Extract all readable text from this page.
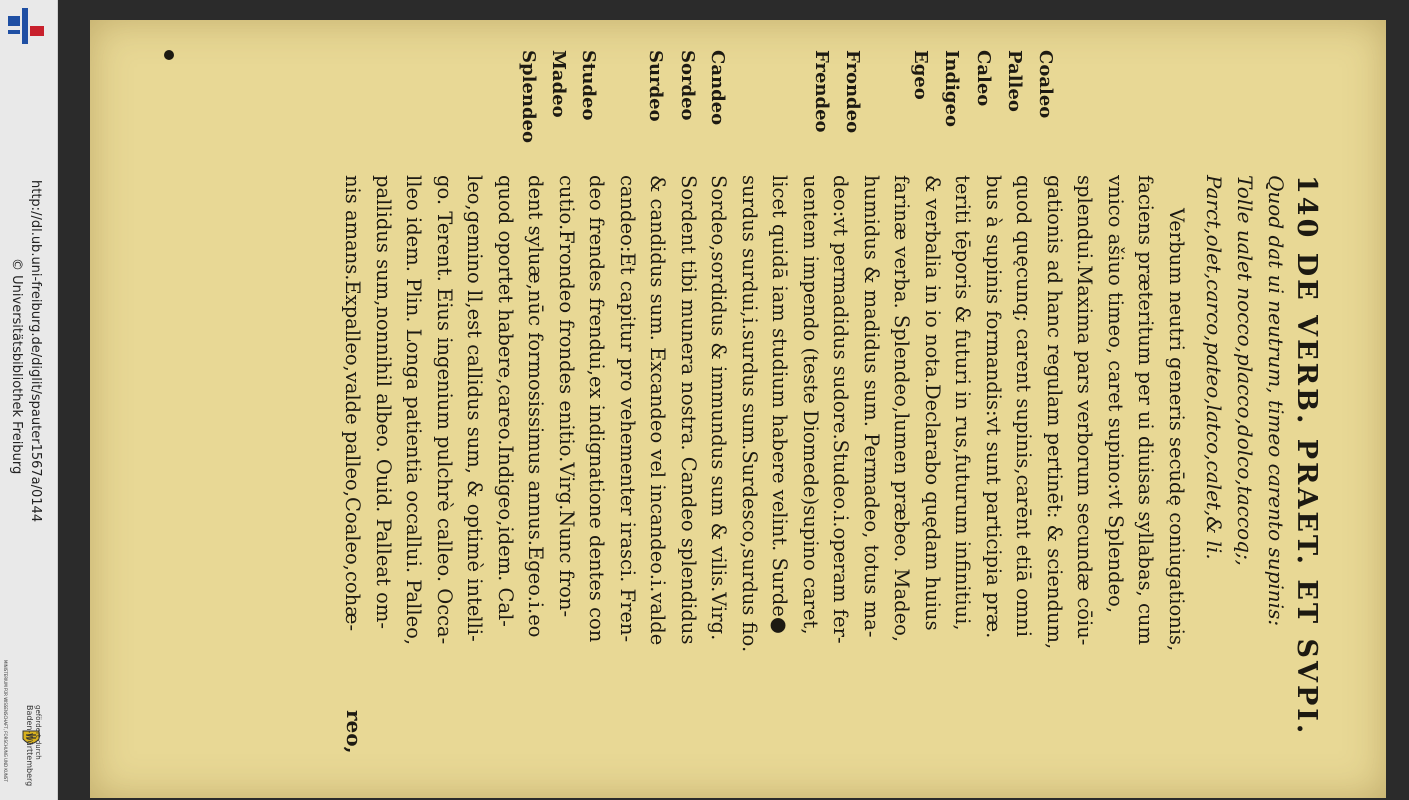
http://dl.ub.uni-freiburg.de/diglit/spauter1567a/0144
© Universitätsbibliothek Freiburg
gefördert durch
Baden-Württemberg
MINISTERIUM FÜR WISSENSCHAFT, FORSCHUNG UND KUNST	140 DE VERB. PRAET. ET SVPI.
Quod dat ui neutrum, timeo carento supinis:
Tolle ualet nocco,placco,dolco,taccoq;,
Parct,olet,carco,pateo,latco,calet,& li.
Verbum neutri generis secūdę coniugationis,
faciens præteritum per ui diuisas syllabas, cum
vnico ašiuo timeo, caret supino:vt Splendeo,
splendui.Maxima pars verborum secundæ cōiu-
gationis ad hanc regulam pertinēt: & sciendum,
quod quęcunq; carent supinis,carēnt etiā omni
bus à supinis formandis:vt sunt participia præ.
teriti tēporis & futuri in rus,futurum infinitiui,
& verbalia in io nota.Declarabo quędam huius
farinæ verba. Splendeo,lumen præbeo. Madeo,
humidus & madidus sum. Permadeo, totus ma-
deo:vt permadidus sudore.Studeo.i.operam fer-
uentem impendo (teste Diomede)supino caret,
licet quidā iam studium habere velint. Surde●
surdus surdui,i.surdus sum.Surdesco,surdus fio.
Sordeo,sordidus & immundus sum & vilis.Virg.
Sordent tibi munera nostra. Candeo splendidus
& candidus sum. Excandeo vel incandeo.i.valde
candeo:Et capitur pro vehementer irasci. Fren-
deo frendes frendui,ex indignatione dentes con
cutio.Frondeo frondes enitio.Virg.Nunc fron-
dent syluæ,nūc formosissimus annus.Egeo.i.eo
quod oportet habere,careo.Indigeo,idem. Cal-
leo,gemino ll,est callidus sum, & optimè intelli-
go. Terent. Eius ingenium pulchrè calleo. Occa-
lleo idem. Plin. Longa patientia occallui. Palleo,
pallidus sum,nonnihil albeo. Ouid. Palleat om-
nis amans.Expalleo,valde palleo,Coaleo,cohæ-
reo,
Splendeo Madeo Studeo	Surdeo Sordeo Candeo	Frendeo Frondeo	Egeo Indigeo Caleo Palleo Coaleo
